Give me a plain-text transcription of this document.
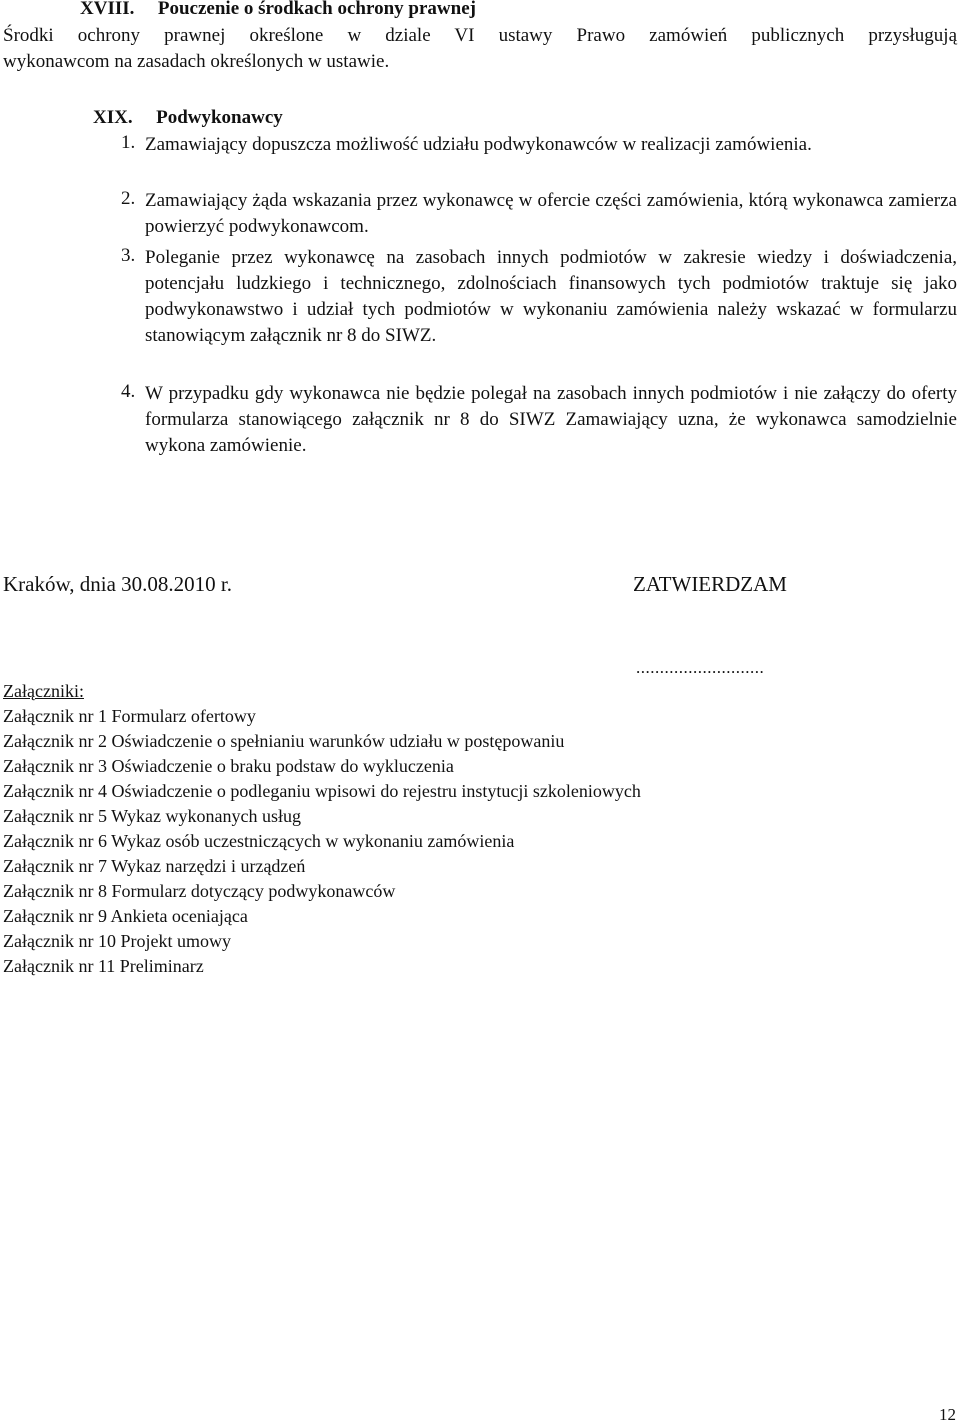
XVIII. Pouczenie o środkach ochrony prawnej
Środki ochrony prawnej określone w dziale VI ustawy Prawo zamówień publicznych przysługują
wykonawcom na zasadach określonych w ustawie.
XIX. Podwykonawcy
1. Zamawiający dopuszcza możliwość udziału podwykonawców w realizacji zamówienia.
2. Zamawiający żąda wskazania przez wykonawcę w ofercie części zamówienia, którą wykonawca zamierza powierzyć podwykonawcom.
3. Poleganie przez wykonawcę na zasobach innych podmiotów w zakresie wiedzy i doświadczenia, potencjału ludzkiego i technicznego, zdolnościach finansowych tych podmiotów traktuje się jako podwykonawstwo i udział tych podmiotów w wykonaniu zamówienia należy wskazać w formularzu stanowiącym załącznik nr 8 do SIWZ.
4. W przypadku gdy wykonawca nie będzie polegał na zasobach innych podmiotów i nie załączy do oferty formularza stanowiącego załącznik nr 8 do SIWZ Zamawiający uzna, że wykonawca samodzielnie wykona zamówienie.
Kraków, dnia 30.08.2010 r.	ZATWIERDZAM
...........................
Załączniki:
Załącznik nr 1 Formularz ofertowy
Załącznik nr 2 Oświadczenie o spełnianiu warunków udziału w postępowaniu
Załącznik nr 3 Oświadczenie o braku podstaw do wykluczenia
Załącznik nr 4 Oświadczenie o podleganiu wpisowi do rejestru instytucji szkoleniowych
Załącznik nr 5 Wykaz wykonanych usług
Załącznik nr 6 Wykaz osób uczestniczących w wykonaniu zamówienia
Załącznik nr 7 Wykaz narzędzi i urządzeń
Załącznik nr 8 Formularz dotyczący podwykonawców
Załącznik nr 9 Ankieta oceniająca
Załącznik nr 10 Projekt umowy
Załącznik nr 11 Preliminarz
12
